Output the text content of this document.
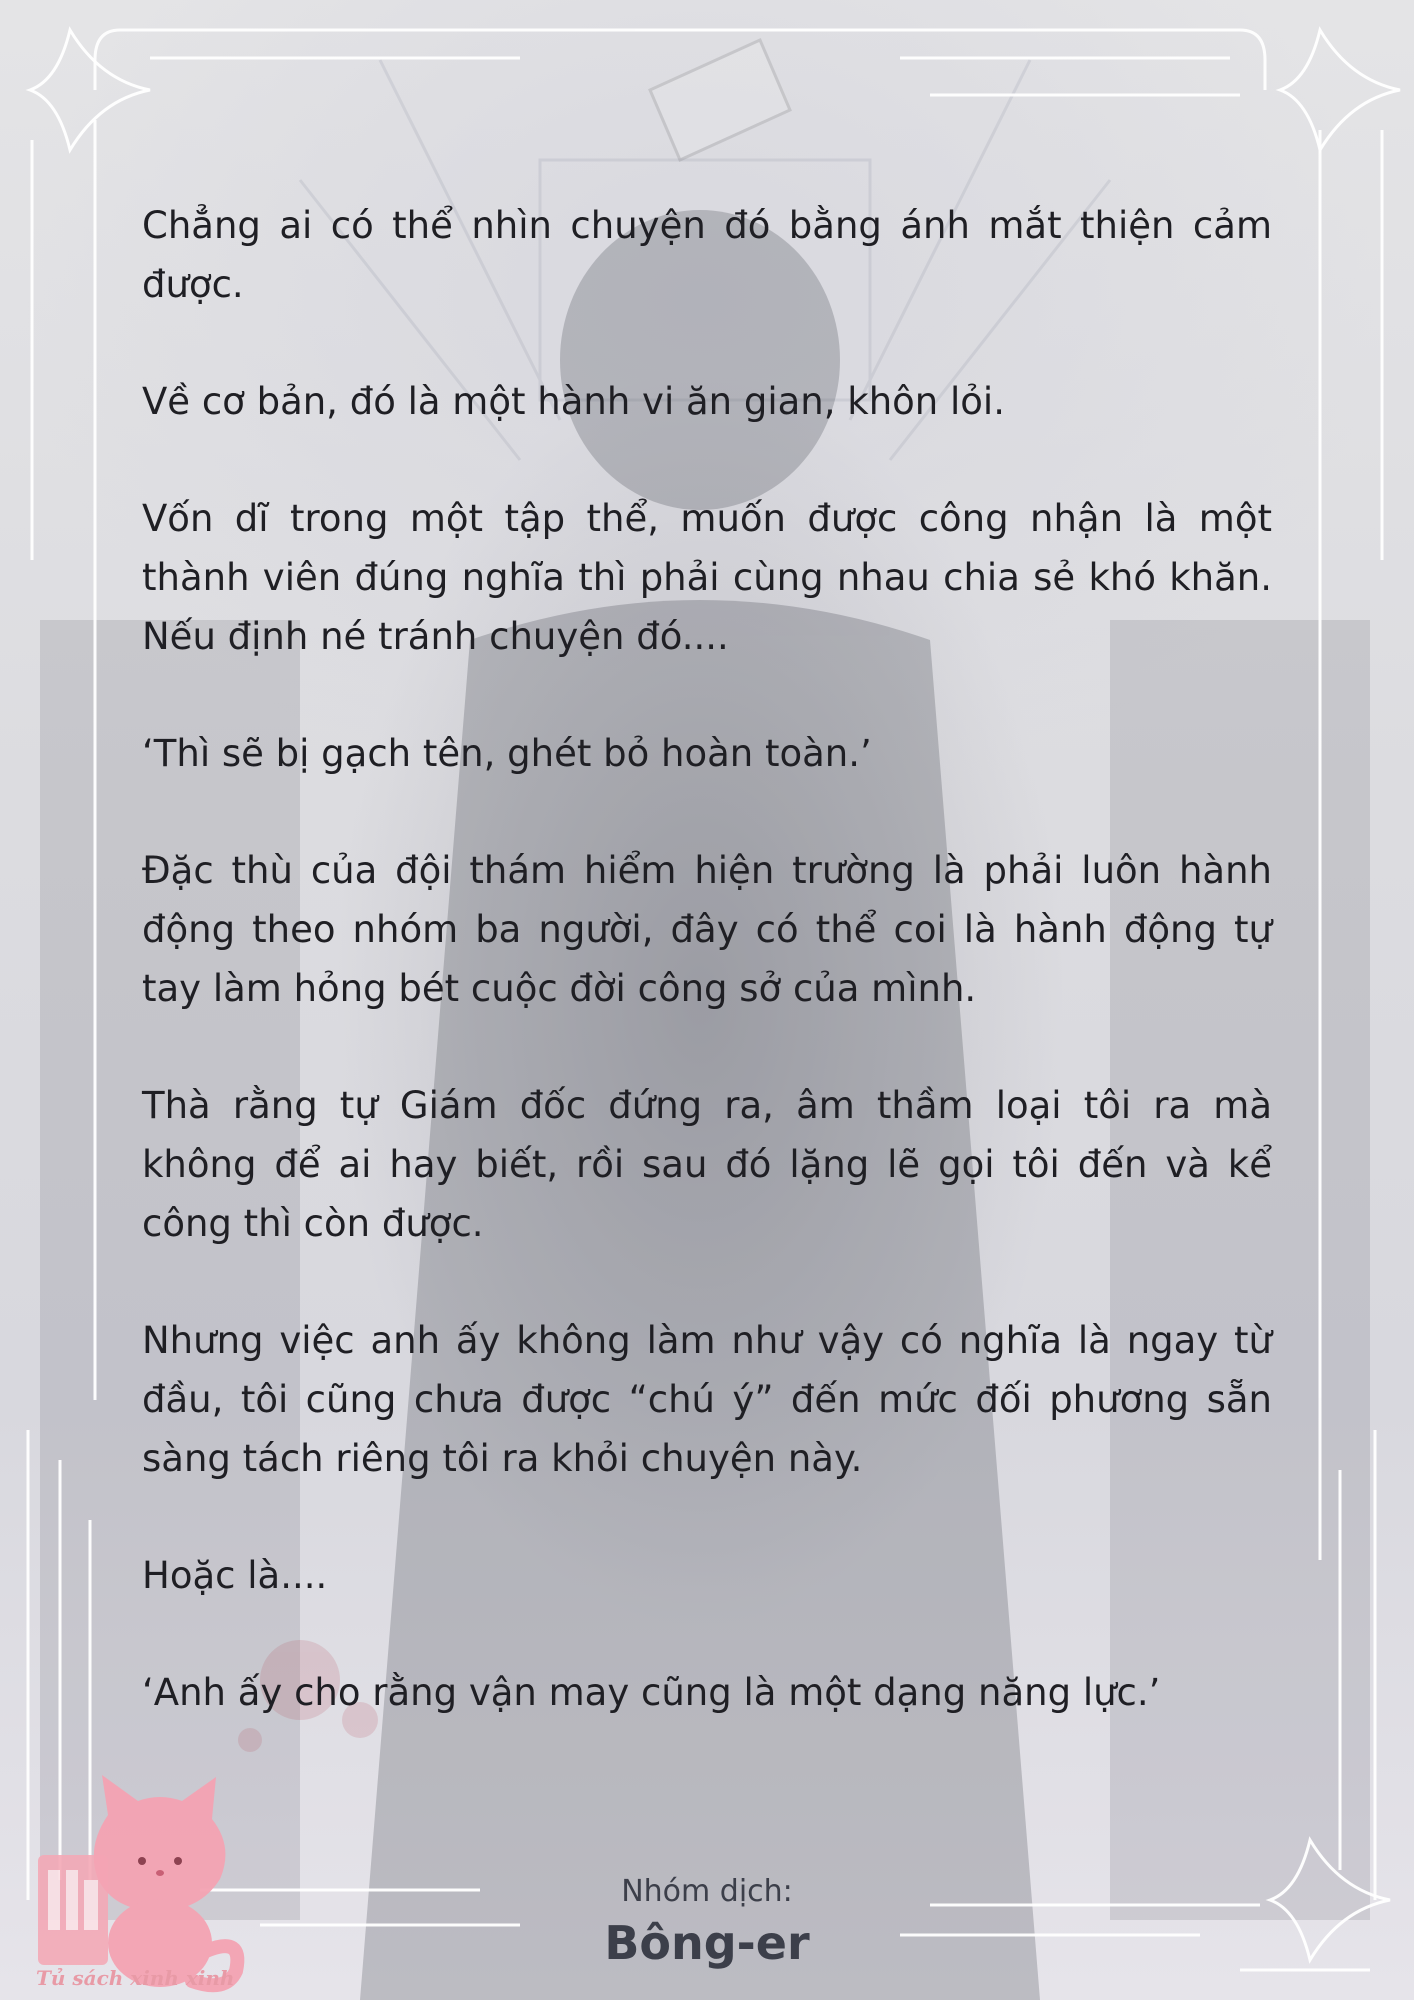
Chẳng ai có thể nhìn chuyện đó bằng ánh mắt thiện cảm được.

Về cơ bản, đó là một hành vi ăn gian, khôn lỏi.

Vốn dĩ trong một tập thể, muốn được công nhận là một thành viên đúng nghĩa thì phải cùng nhau chia sẻ khó khăn. Nếu định né tránh chuyện đó....

‘Thì sẽ bị gạch tên, ghét bỏ hoàn toàn.’

Đặc thù của đội thám hiểm hiện trường là phải luôn hành động theo nhóm ba người, đây có thể coi là hành động tự tay làm hỏng bét cuộc đời công sở của mình.

Thà rằng tự Giám đốc đứng ra, âm thầm loại tôi ra mà không để ai hay biết, rồi sau đó lặng lẽ gọi tôi đến và kể công thì còn được.

Nhưng việc anh ấy không làm như vậy có nghĩa là ngay từ đầu, tôi cũng chưa được “chú ý” đến mức đối phương sẵn sàng tách riêng tôi ra khỏi chuyện này.

Hoặc là....

‘Anh ấy cho rằng vận may cũng là một dạng năng lực.’

Nhóm dịch:
Bông-er
Tủ sách xinh xinh
